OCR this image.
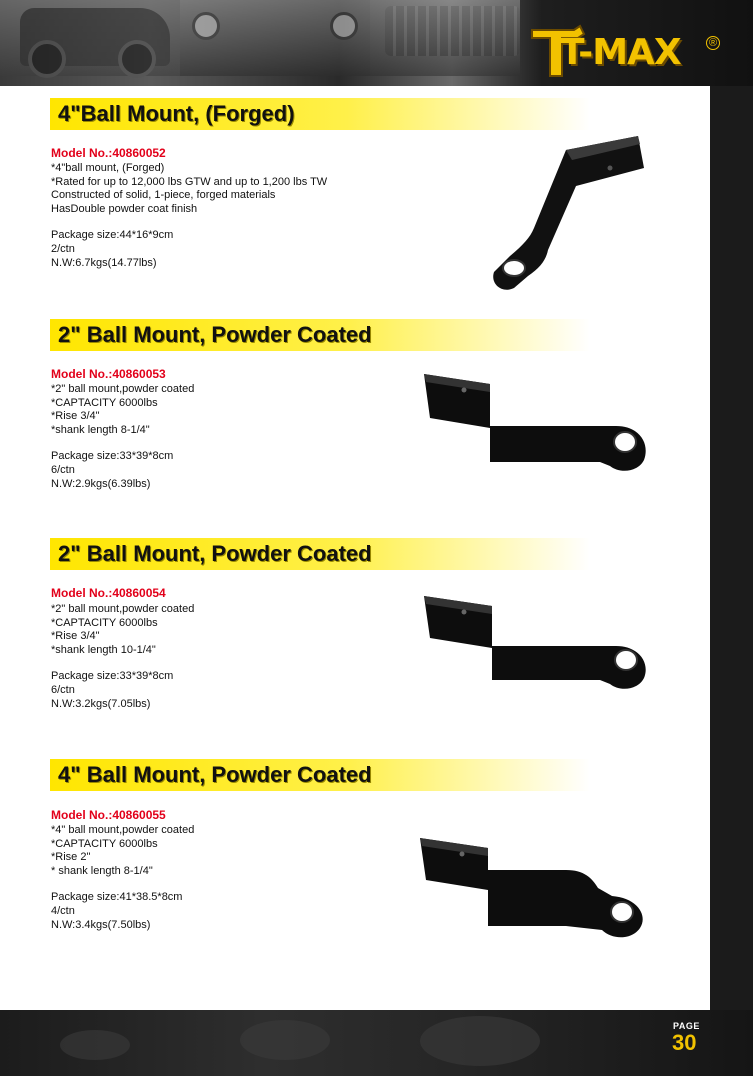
T-MAX	®
4"Ball Mount, (Forged)
Model No.:40860052
*4"ball mount, (Forged)
*Rated for up to 12,000 lbs GTW and up to 1,200 lbs TW
Constructed of solid, 1-piece, forged materials
HasDouble powder coat finish
Package size:44*16*9cm
2/ctn
N.W:6.7kgs(14.77lbs)
2" Ball Mount, Powder Coated
Model No.:40860053
*2" ball mount,powder coated
*CAPTACITY 6000lbs
*Rise 3/4"
*shank length 8-1/4"
Package size:33*39*8cm
6/ctn
N.W:2.9kgs(6.39lbs)
2" Ball Mount, Powder Coated
Model No.:40860054
*2" ball mount,powder coated
*CAPTACITY 6000lbs
*Rise 3/4"
*shank length 10-1/4"
Package size:33*39*8cm
6/ctn
N.W:3.2kgs(7.05lbs)
4" Ball Mount, Powder Coated
Model No.:40860055
*4" ball mount,powder coated
*CAPTACITY 6000lbs
*Rise 2"
* shank length 8-1/4"
Package size:41*38.5*8cm
4/ctn
N.W:3.4kgs(7.50lbs)
PAGE
30
